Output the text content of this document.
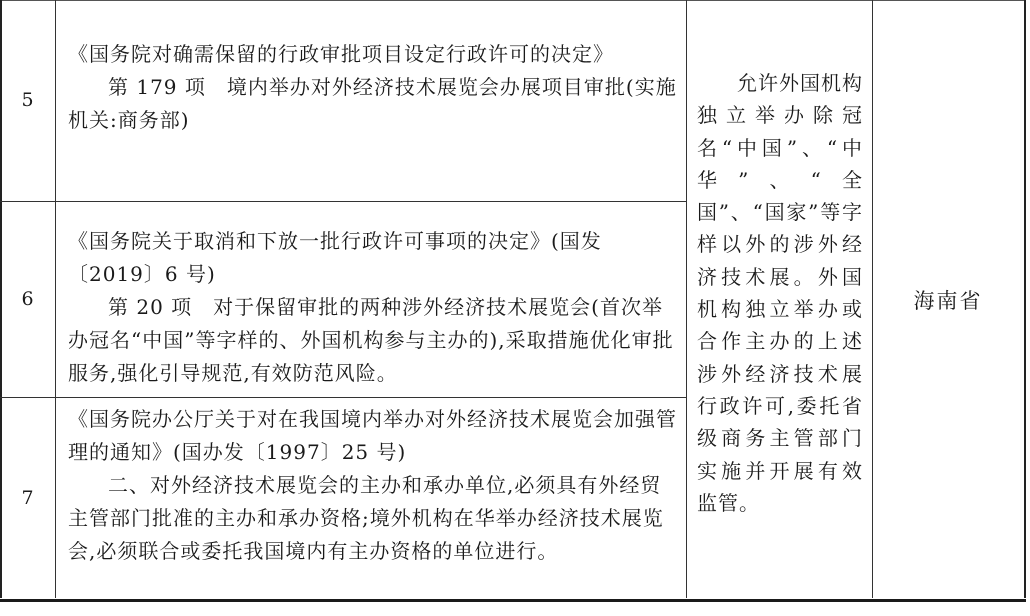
5

《国务院对确需保留的行政审批项目设定行政许可的决定》

第 179 项　境内举办对外经济技术展览会办展项目审批(实施机关:商务部)

6

《国务院关于取消和下放一批行政许可事项的决定》(国发〔2019〕6 号)

第 20 项　对于保留审批的两种涉外经济技术展览会(首次举办冠名“中国”等字样的、外国机构参与主办的),采取措施优化审批服务,强化引导规范,有效防范风险。

7

《国务院办公厅关于对在我国境内举办对外经济技术展览会加强管理的通知》(国办发〔1997〕25 号)

二、对外经济技术展览会的主办和承办单位,必须具有外经贸主管部门批准的主办和承办资格;境外机构在华举办经济技术展览会,必须联合或委托我国境内有主办资格的单位进行。

允许外国机构独立举办除冠名“中国”、“中华”、“全国”、“国家”等字样以外的涉外经济技术展。外国机构独立举办或合作主办的上述涉外经济技术展行政许可,委托省级商务主管部门实施并开展有效监管。
海南省
